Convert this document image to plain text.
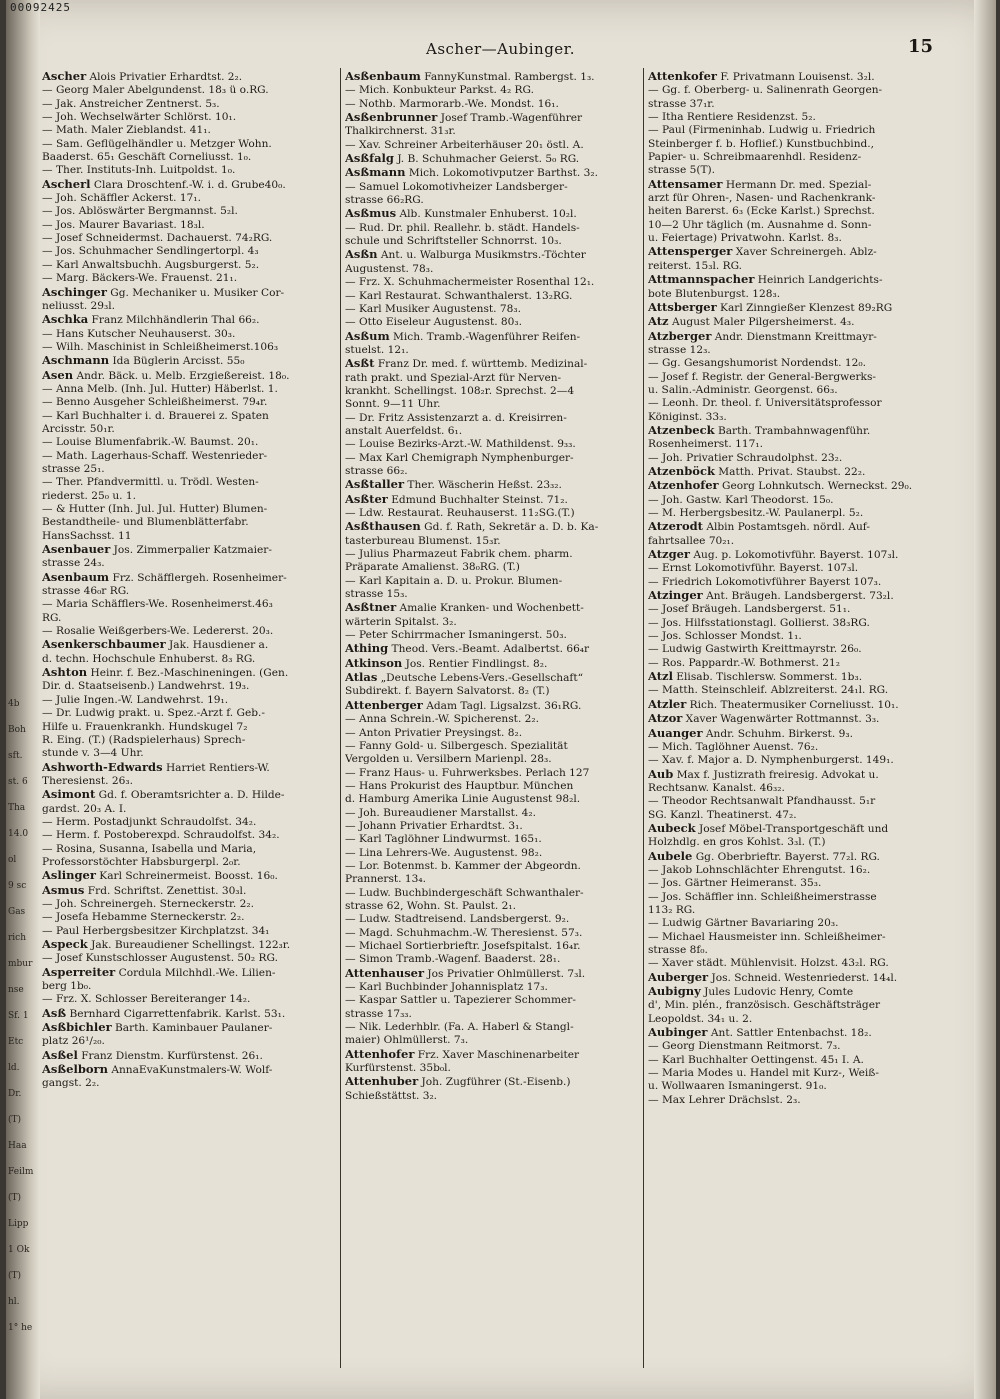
4b
Boh
sft.
st. 6
Tha
14.0
ol
9 sc
Gas
rich
mbur
nse
Sf. 1
Etc
ld.
Dr.
(T)
Haa
Feilm
(T)
Lipp
1 Ok
(T)
hl.
1° he
00092425
Ascher—Aubinger.	15

Ascher Alois Privatier Erhardtst. 2₂.

— Georg Maler Abelgundenst. 18₃ ü o.RG.

— Jak. Anstreicher Zentnerst. 5₃.

— Joh. Wechselwärter Schlörst. 10₁.

— Math. Maler Zieblandst. 41₁.

— Sam. Geflügelhändler u. Metzger Wohn.

Baaderst. 65₁ Geschäft Corneliusst. 1₀.

— Ther. Instituts-Inh. Luitpoldst. 1₀.

Ascherl Clara Droschtenf.-W. i. d. Grube40₀.

— Joh. Schäffler Ackerst. 17₁.

— Jos. Ablöswärter Bergmannst. 5₂l.

— Jos. Maurer Bavariast. 18₃l.

— Josef Schneidermst. Dachauerst. 74₂RG.

— Jos. Schuhmacher Sendlingertorpl. 4₃

— Karl Anwaltsbuchh. Augsburgerst. 5₂.

— Marg. Bäckers-We. Frauenst. 21₁.

Aschinger Gg. Mechaniker u. Musiker Cor-

neliusst. 29₃l.

Aschka Franz Milchhändlerin Thal 66₂.

— Hans Kutscher Neuhauserst. 30₃.

— Wilh. Maschinist in Schleißheimerst.106₃

Aschmann Ida Büglerin Arcisst. 55₀

Asen Andr. Bäck. u. Melb. Erzgießereist. 18₀.

— Anna Melb. (Inh. Jul. Hutter) Häberlst. 1.

— Benno Ausgeher Schleißheimerst. 79₄r.

— Karl Buchhalter i. d. Brauerei z. Spaten

Arcisstr. 50₁r.

— Louise Blumenfabrik.-W. Baumst. 20₁.

— Math. Lagerhaus-Schaff. Westenrieder-

strasse 25₁.

— Ther. Pfandvermittl. u. Trödl. Westen-

riederst. 25₀ u. 1.

— & Hutter (Inh. Jul. Jul. Hutter) Blumen-

Bestandtheile- und Blumenblätterfabr.

HansSachsst. 11

Asenbauer Jos. Zimmerpalier Katzmaier-

strasse 24₃.

Asenbaum Frz. Schäfflergeh. Rosenheimer-

strasse 46₀r RG.

— Maria Schäfflers-We. Rosenheimerst.46₃

RG.

— Rosalie Weißgerbers-We. Ledererst. 20₃.

Asenkerschbaumer Jak. Hausdiener a.

d. techn. Hochschule Enhuberst. 8₃ RG.

Ashton Heinr. f. Bez.-Maschineningen. (Gen.

Dir. d. Staatseisenb.) Landwehrst. 19₃.

— Julie Ingen.-W. Landwehrst. 19₁.

— Dr. Ludwig prakt. u. Spez.-Arzt f. Geb.-

Hilfe u. Frauenkrankh. Hundskugel 7₂

R. Eing. (T.) (Radspielerhaus) Sprech-

stunde v. 3—4 Uhr.

Ashworth-Edwards Harriet Rentiers-W.

Theresienst. 26₃.

Asimont Gd. f. Oberamtsrichter a. D. Hilde-

gardst. 20₃ A. I.

— Herm. Postadjunkt Schraudolfst. 34₂.

— Herm. f. Postoberexpd. Schraudolfst. 34₂.

— Rosina, Susanna, Isabella und Maria,

Professorstöchter Habsburgerpl. 2₀r.

Aslinger Karl Schreinermeist. Boosst. 16₀.

Asmus Frd. Schriftst. Zenettist. 30₃l.

— Joh. Schreinergeh. Sterneckerstr. 2₂.

— Josefa Hebamme Sterneckerstr. 2₂.

— Paul Herbergsbesitzer Kirchplatzst. 34₁

Aspeck Jak. Bureaudiener Schellingst. 122₃r.

— Josef Kunstschlosser Augustenst. 50₂ RG.

Asperreiter Cordula Milchhdl.-We. Lilien-

berg 1b₀.

— Frz. X. Schlosser Bereiteranger 14₂.

Asß Bernhard Cigarrettenfabrik. Karlst. 53₁.

Asßbichler Barth. Kaminbauer Paulaner-

platz 26¹/₂₀.

Asßel Franz Dienstm. Kurfürstenst. 26₁.

Asßelborn AnnaEvaKunstmalers-W. Wolf-

gangst. 2₂.

Asßenbaum FannyKunstmal. Rambergst. 1₃.

— Mich. Konbukteur Parkst. 4₂ RG.

— Nothb. Marmorarb.-We. Mondst. 16₁.

Asßenbrunner Josef Tramb.-Wagenführer

Thalkirchnerst. 31₃r.

— Xav. Schreiner Arbeiterhäuser 20₁ östl. A.

Asßfalg J. B. Schuhmacher Geierst. 5₀ RG.

Asßmann Mich. Lokomotivputzer Barthst. 3₂.

— Samuel Lokomotivheizer Landsberger-

strasse 66₂RG.

Asßmus Alb. Kunstmaler Enhuberst. 10₂l.

— Rud. Dr. phil. Reallehr. b. städt. Handels-

schule und Schriftsteller Schnorrst. 10₃.

Asßn Ant. u. Walburga Musikmstrs.-Töchter

Augustenst. 78₃.

— Frz. X. Schuhmachermeister Rosenthal 12₁.

— Karl Restaurat. Schwanthalerst. 13₂RG.

— Karl Musiker Augustenst. 78₃.

— Otto Eiseleur Augustenst. 80₃.

Asßum Mich. Tramb.-Wagenführer Reifen-

stuelst. 12₁.

Asßt Franz Dr. med. f. württemb. Medizinal-

rath prakt. und Spezial-Arzt für Nerven-

krankht. Schellingst. 108₂r. Sprechst. 2—4

Sonnt. 9—11 Uhr.

— Dr. Fritz Assistenzarzt a. d. Kreisirren-

anstalt Auerfeldst. 6₁.

— Louise Bezirks-Arzt.-W. Mathildenst. 9₃₃.

— Max Karl Chemigraph Nymphenburger-

strasse 66₂.

Asßtaller Ther. Wäscherin Heßst. 23₃₂.

Asßter Edmund Buchhalter Steinst. 71₂.

— Ldw. Restaurat. Reuhauserst. 11₂SG.(T.)

Asßthausen Gd. f. Rath, Sekretär a. D. b. Ka-

tasterbureau Blumenst. 15₃r.

— Julius Pharmazeut Fabrik chem. pharm.

Präparate Amalienst. 38₀RG. (T.)

— Karl Kapitain a. D. u. Prokur. Blumen-

strasse 15₃.

Asßtner Amalie Kranken- und Wochenbett-

wärterin Spitalst. 3₂.

— Peter Schirrmacher Ismaningerst. 50₃.

Athing Theod. Vers.-Beamt. Adalbertst. 66₄r

Atkinson Jos. Rentier Findlingst. 8₂.

Atlas „Deutsche Lebens-Vers.-Gesellschaft“

Subdirekt. f. Bayern Salvatorst. 8₂ (T.)

Attenberger Adam Tagl. Ligsalzst. 36₁RG.

— Anna Schrein.-W. Spicherenst. 2₂.

— Anton Privatier Preysingst. 8₂.

— Fanny Gold- u. Silbergesch. Spezialität

Vergolden u. Versilbern Marienpl. 28₃.

— Franz Haus- u. Fuhrwerksbes. Perlach 127

— Hans Prokurist des Hauptbur. München

d. Hamburg Amerika Linie Augustenst 98₂l.

— Joh. Bureaudiener Marstallst. 4₂.

— Johann Privatier Erhardtst. 3₁.

— Karl Taglöhner Lindwurmst. 165₁.

— Lina Lehrers-We. Augustenst. 98₂.

— Lor. Botenmst. b. Kammer der Abgeordn.

Prannerst. 13₄.

— Ludw. Buchbindergeschäft Schwanthaler-

strasse 62, Wohn. St. Paulst. 2₁.

— Ludw. Stadtreisend. Landsbergerst. 9₂.

— Magd. Schuhmachm.-W. Theresienst. 57₃.

— Michael Sortierbrieftr. Josefspitalst. 16₄r.

— Simon Tramb.-Wagenf. Baaderst. 28₁.

Attenhauser Jos Privatier Ohlmüllerst. 7₃l.

— Karl Buchbinder Johannisplatz 17₃.

— Kaspar Sattler u. Tapezierer Schommer-

strasse 17₃₃.

— Nik. Lederhblr. (Fa. A. Haberl & Stangl-

maier) Ohlmüllerst. 7₃.

Attenhofer Frz. Xaver Maschinenarbeiter

Kurfürstenst. 35b₀l.

Attenhuber Joh. Zugführer (St.-Eisenb.)

Schießstättst. 3₂.

Attenkofer F. Privatmann Louisenst. 3₂l.

— Gg. f. Oberberg- u. Salinenrath Georgen-

strasse 37₁r.

— Itha Rentiere Residenzst. 5₂.

— Paul (Firmeninhab. Ludwig u. Friedrich

Steinberger f. b. Hoflief.) Kunstbuchbind.,

Papier- u. Schreibmaarenhdl. Residenz-

strasse 5(T).

Attensamer Hermann Dr. med. Spezial-

arzt für Ohren-, Nasen- und Rachenkrank-

heiten Barerst. 6₃ (Ecke Karlst.) Sprechst.

10—2 Uhr täglich (m. Ausnahme d. Sonn-

u. Feiertage) Privatwohn. Karlst. 8₃.

Attensperger Xaver Schreinergeh. Ablz-

reiterst. 15₃l. RG.

Attmannspacher Heinrich Landgerichts-

bote Blutenburgst. 128₃.

Attsberger Karl Zinngießer Klenzest 89₂RG

Atz August Maler Pilgersheimerst. 4₃.

Atzberger Andr. Dienstmann Kreittmayr-

strasse 12₃.

— Gg. Gesangshumorist Nordendst. 12₀.

— Josef f. Registr. der General-Bergwerks-

u. Salin.-Administr. Georgenst. 66₃.

— Leonh. Dr. theol. f. Universitätsprofessor

Königinst. 33₃.

Atzenbeck Barth. Trambahnwagenführ.

Rosenheimerst. 117₁.

— Joh. Privatier Schraudolphst. 23₂.

Atzenböck Matth. Privat. Staubst. 22₂.

Atzenhofer Georg Lohnkutsch. Werneckst. 29₀.

— Joh. Gastw. Karl Theodorst. 15₀.

— M. Herbergsbesitz.-W. Paulanerpl. 5₂.

Atzerodt Albin Postamtsgeh. nördl. Auf-

fahrtsallee 70₂₁.

Atzger Aug. p. Lokomotivführ. Bayerst. 107₃l.

— Ernst Lokomotivführ. Bayerst. 107₃l.

— Friedrich Lokomotivführer Bayerst 107₃.

Atzinger Ant. Bräugeh. Landsbergerst. 73₂l.

— Josef Bräugeh. Landsbergerst. 51₁.

— Jos. Hilfsstationstagl. Gollierst. 38₃RG.

— Jos. Schlosser Mondst. 1₁.

— Ludwig Gastwirth Kreittmayrstr. 26₀.

— Ros. Pappardr.-W. Bothmerst. 21₂

Atzl Elisab. Tischlersw. Sommerst. 1b₃.

— Matth. Steinschleif. Ablzreiterst. 24₁l. RG.

Atzler Rich. Theatermusiker Corneliusst. 10₁.

Atzor Xaver Wagenwärter Rottmannst. 3₃.

Auanger Andr. Schuhm. Birkerst. 9₃.

— Mich. Taglöhner Auenst. 76₂.

— Xav. f. Major a. D. Nymphenburgerst. 149₁.

Aub Max f. Justizrath freiresig. Advokat u.

Rechtsanw. Kanalst. 46₃₂.

— Theodor Rechtsanwalt Pfandhausst. 5₁r

SG. Kanzl. Theatinerst. 47₂.

Aubeck Josef Möbel-Transportgeschäft und

Holzhdlg. en gros Kohlst. 3₃l. (T.)

Aubele Gg. Oberbrieftr. Bayerst. 77₂l. RG.

— Jakob Lohnschlächter Ehrengutst. 16₂.

— Jos. Gärtner Heimeranst. 35₃.

— Jos. Schäffler inn. Schleißheimerstrasse

113₂ RG.

— Ludwig Gärtner Bavariaring 20₃.

— Michael Hausmeister inn. Schleißheimer-

strasse 8f₀.

— Xaver städt. Mühlenvisit. Holzst. 43₂l. RG.

Auberger Jos. Schneid. Westenriederst. 14₄l.

Aubigny Jules Ludovic Henry, Comte

d', Min. plén., französisch. Geschäftsträger

Leopoldst. 34₁ u. 2.

Aubinger Ant. Sattler Entenbachst. 18₂.

— Georg Dienstmann Reitmorst. 7₃.

— Karl Buchhalter Oettingenst. 45₁ I. A.

— Maria Modes u. Handel mit Kurz-, Weiß-

u. Wollwaaren Ismaningerst. 91₀.

— Max Lehrer Drächslst. 2₃.
